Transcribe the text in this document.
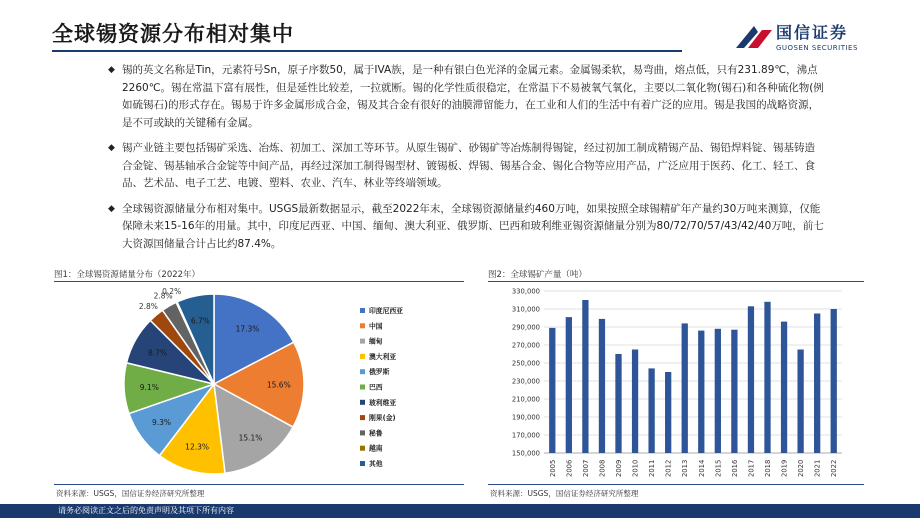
全球锡资源分布相对集中	国信证券
GUOSEN SECURITIES
◆ 锡的英文名称是Tin，元素符号Sn，原子序数50，属于IVA族，是一种有银白色光泽的金属元素。金属锡柔软，易弯曲，熔点低，只有231.89℃，沸点 2260℃。锡在常温下富有展性，但是延性比较差，一拉就断。锡的化学性质很稳定，在常温下不易被氧气氧化，主要以二氧化物(锡石)和各种硫化物(例如硫锡石)的形式存在。锡易于许多金属形成合金，锡及其合金有很好的油膜滞留能力，在工业和人们的生活中有着广泛的应用。锡是我国的战略资源，是不可或缺的关键稀有金属。
◆ 锡产业链主要包括锡矿采选、冶炼、初加工、深加工等环节。从原生锡矿、砂锡矿等冶炼制得锡锭，经过初加工制成精锡产品、锡铅焊料锭、锡基铸造合金锭、锡基轴承合金锭等中间产品，再经过深加工制得锡型材、镀锡板、焊锡、锡基合金、锡化合物等应用产品，广泛应用于医药、化工、轻工、食品、艺术品、电子工艺、电镀、塑料、农业、汽车、林业等终端领域。
◆ 全球锡资源储量分布相对集中。USGS最新数据显示，截至2022年末，全球锡资源储量约460万吨，如果按照全球锡精矿年产量约30万吨来测算，仅能保障未来15-16年的用量。其中，印度尼西亚、中国、缅甸、澳大利亚、俄罗斯、巴西和玻利维亚锡资源储量分别为80/72/70/57/43/42/40万吨，前七大资源国储量合计占比约87.4%。
图1：全球锡资源储量分布（2022年）
17.3%
15.6%
15.1%
12.3%
9.3%
9.1%
8.7%
2.8%
2.8%
0.2%
6.7%
印度尼西亚
中国
缅甸
澳大利亚
俄罗斯
巴西
玻利维亚
刚果(金)
秘鲁
越南
其他
资料来源：USGS，国信证券经济研究所整理
图2：全球锡矿产量（吨）
150,000
170,000
190,000
210,000
230,000
250,000
270,000
290,000
310,000
330,000
2005 2006 2007 2008 2009 2010 2011 2012 2013 2014 2015 2016 2017 2018 2019 2020 2021 2022
资料来源：USGS，国信证券经济研究所整理
请务必阅读正文之后的免责声明及其项下所有内容
